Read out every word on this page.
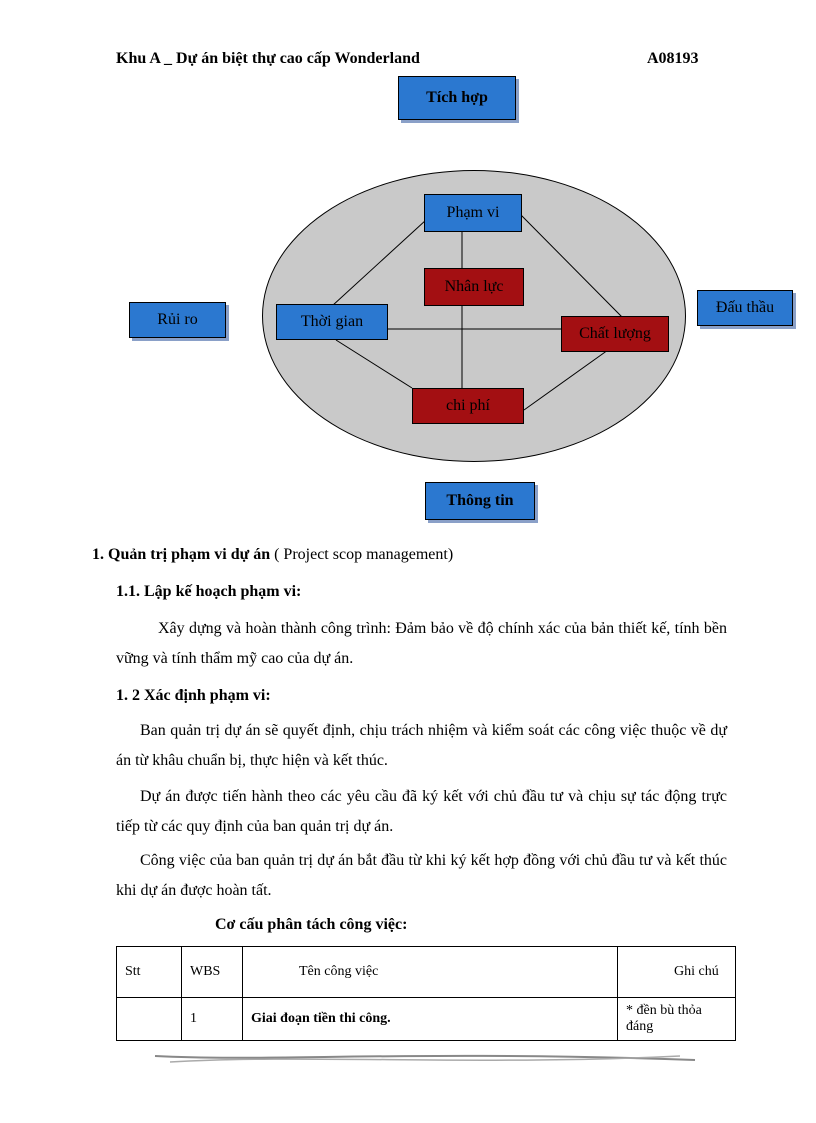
Khu A _ Dự án biệt thự cao cấp Wonderland	A08193
Tích hợp
Phạm vi
Nhân lực
Thời gian
Chất lượng
chi phí
Rủi ro
Đấu thầu
Thông tin
1. Quản trị phạm vi dự án ( Project scop management)
1.1. Lập kế hoạch phạm vi:
Xây dựng và hoàn thành công trình: Đảm bảo về độ chính xác của bản thiết kế, tính bền vững và tính thẩm mỹ cao của dự án.
1. 2 Xác định phạm vi:
Ban quản trị dự án sẽ quyết định, chịu trách nhiệm và kiểm soát các công việc thuộc về dự án từ khâu chuẩn bị, thực hiện và kết thúc.
Dự án được tiến hành theo các yêu cầu đã ký kết với chủ đầu tư và chịu sự tác động trực tiếp từ các quy định của ban quản trị dự án.
Công việc của ban quản trị dự án bắt đầu từ khi ký kết hợp đồng với chủ đầu tư và kết thúc khi dự án được hoàn tất.
Cơ cấu phân tách công việc:
Stt	WBS	Tên công việc	Ghi chú
	1	Giai đoạn tiền thi công.	* đền bù thỏa đáng
